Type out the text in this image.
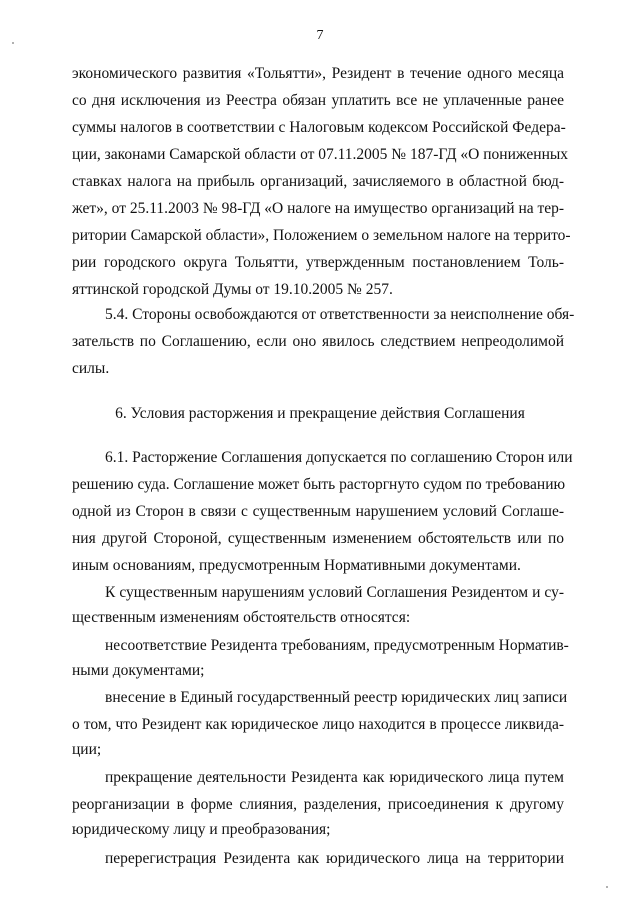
7
экономического развития «Тольятти», Резидент в течение одного месяца
со дня исключения из Реестра обязан уплатить все не уплаченные ранее
суммы налогов в соответствии с Налоговым кодексом Российской Федера-
ции, законами Самарской области от 07.11.2005 № 187-ГД «О пониженных
ставках налога на прибыль организаций, зачисляемого в областной бюд-
жет», от 25.11.2003 № 98-ГД «О налоге на имущество организаций на тер-
ритории Самарской области», Положением о земельном налоге на террито-
рии городского округа Тольятти, утвержденным постановлением Толь-
яттинской городской Думы от 19.10.2005 № 257.
5.4. Стороны освобождаются от ответственности за неисполнение обя-
зательств по Соглашению, если оно явилось следствием непреодолимой
силы.
6. Условия расторжения и прекращение действия Соглашения
6.1. Расторжение Соглашения допускается по соглашению Сторон или
решению суда. Соглашение может быть расторгнуто судом по требованию
одной из Сторон в связи с существенным нарушением условий Соглаше-
ния другой Стороной, существенным изменением обстоятельств или по
иным основаниям, предусмотренным Нормативными документами.
К существенным нарушениям условий Соглашения Резидентом и су-
щественным изменениям обстоятельств относятся:
несоответствие Резидента требованиям, предусмотренным Норматив-
ными документами;
внесение в Единый государственный реестр юридических лиц записи
о том, что Резидент как юридическое лицо находится в процессе ликвида-
ции;
прекращение деятельности Резидента как юридического лица путем
реорганизации в форме слияния, разделения, присоединения к другому
юридическому лицу и преобразования;
перерегистрация Резидента как юридического лица на территории
